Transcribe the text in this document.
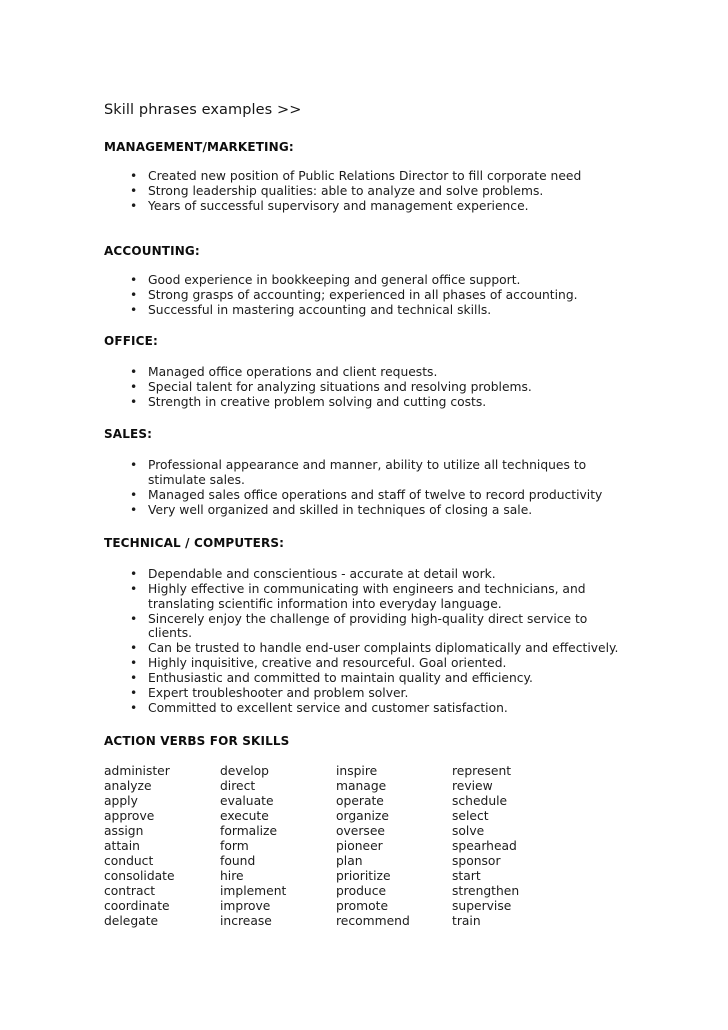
Skill phrases examples >>
MANAGEMENT/MARKETING:
• Created new position of Public Relations Director to fill corporate need
• Strong leadership qualities: able to analyze and solve problems.
• Years of successful supervisory and management experience.
ACCOUNTING:
• Good experience in bookkeeping and general office support.
• Strong grasps of accounting; experienced in all phases of accounting.
• Successful in mastering accounting and technical skills.
OFFICE:
• Managed office operations and client requests.
• Special talent for analyzing situations and resolving problems.
• Strength in creative problem solving and cutting costs.
SALES:
• Professional appearance and manner, ability to utilize all techniques to stimulate sales.
• Managed sales office operations and staff of twelve to record productivity
• Very well organized and skilled in techniques of closing a sale.
TECHNICAL / COMPUTERS:
• Dependable and conscientious - accurate at detail work.
• Highly effective in communicating with engineers and technicians, and translating scientific information into everyday language.
• Sincerely enjoy the challenge of providing high-quality direct service to clients.
• Can be trusted to handle end-user complaints diplomatically and effectively.
• Highly inquisitive, creative and resourceful. Goal oriented.
• Enthusiastic and committed to maintain quality and efficiency.
• Expert troubleshooter and problem solver.
• Committed to excellent service and customer satisfaction.
ACTION VERBS FOR SKILLS
administer
analyze
apply
approve
assign
attain
conduct
consolidate
contract
coordinate
delegate
develop
direct
evaluate
execute
formalize
form
found
hire
implement
improve
increase
inspire
manage
operate
organize
oversee
pioneer
plan
prioritize
produce
promote
recommend
represent
review
schedule
select
solve
spearhead
sponsor
start
strengthen
supervise
train
